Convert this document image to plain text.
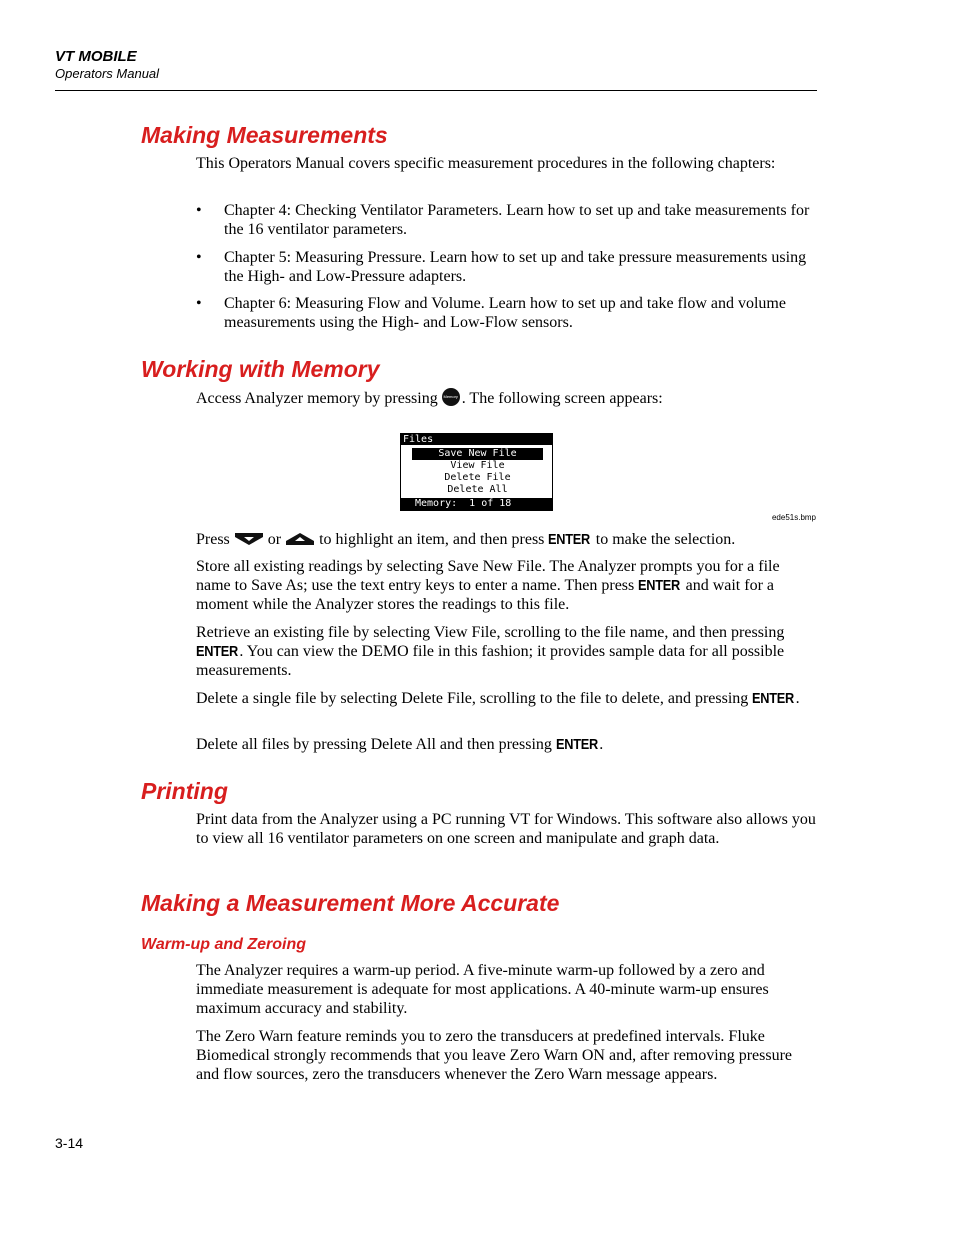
VT MOBILE
Operators Manual
Making Measurements
This Operators Manual covers specific measurement procedures in the following chapters:
• Chapter 4: Checking Ventilator Parameters. Learn how to set up and take measurements for the 16 ventilator parameters.
• Chapter 5: Measuring Pressure. Learn how to set up and take pressure measurements using the High- and Low-Pressure adapters.
• Chapter 6: Measuring Flow and Volume. Learn how to set up and take flow and volume measurements using the High- and Low-Flow sensors.
Working with Memory
Access Analyzer memory by pressing Memory . The following screen appears:
Files
Save New File
View File
Delete File
Delete All
Memory:  1 of 18
ede51s.bmp
Press or to highlight an item, and then press ENTER to make the selection.
Store all existing readings by selecting Save New File. The Analyzer prompts you for a file name to Save As; use the text entry keys to enter a name. Then press ENTER and wait for a moment while the Analyzer stores the readings to this file.
Retrieve an existing file by selecting View File, scrolling to the file name, and then pressing ENTER. You can view the DEMO file in this fashion; it provides sample data for all possible measurements.
Delete a single file by selecting Delete File, scrolling to the file to delete, and pressing ENTER.
Delete all files by pressing Delete All and then pressing ENTER.
Printing
Print data from the Analyzer using a PC running VT for Windows. This software also allows you to view all 16 ventilator parameters on one screen and manipulate and graph data.
Making a Measurement More Accurate
Warm-up and Zeroing
The Analyzer requires a warm-up period. A five-minute warm-up followed by a zero and immediate measurement is adequate for most applications. A 40-minute warm-up ensures maximum accuracy and stability.
The Zero Warn feature reminds you to zero the transducers at predefined intervals. Fluke Biomedical strongly recommends that you leave Zero Warn ON and, after removing pressure and flow sources, zero the transducers whenever the Zero Warn message appears.
3-14
